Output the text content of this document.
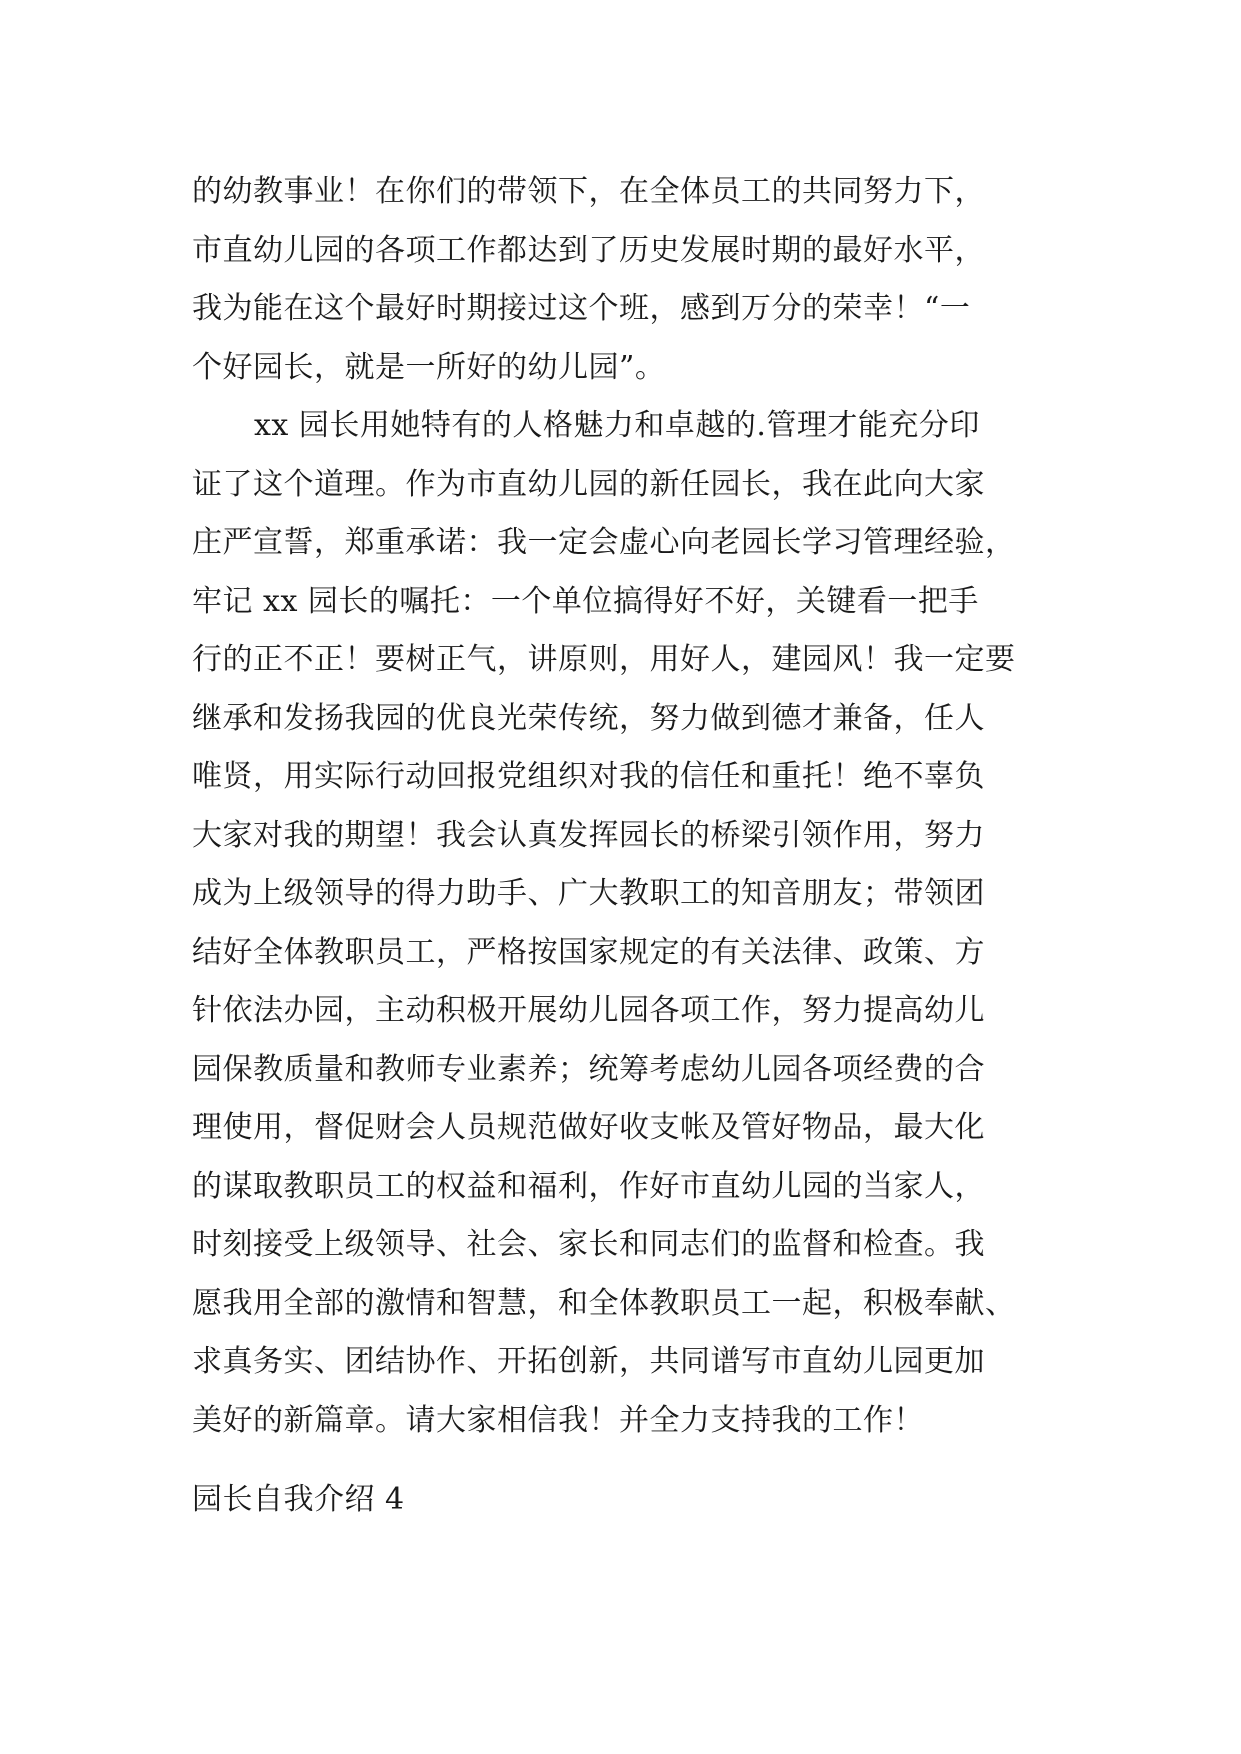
的幼教事业！在你们的带领下，在全体员工的共同努力下，
市直幼儿园的各项工作都达到了历史发展时期的最好水平，
我为能在这个最好时期接过这个班，感到万分的荣幸！“一
个好园长，就是一所好的幼儿园”。
xx 园长用她特有的人格魅力和卓越的.管理才能充分印
证了这个道理。作为市直幼儿园的新任园长，我在此向大家
庄严宣誓，郑重承诺：我一定会虚心向老园长学习管理经验，
牢记 xx 园长的嘱托：一个单位搞得好不好，关键看一把手
行的正不正！要树正气，讲原则，用好人，建园风！我一定要
继承和发扬我园的优良光荣传统，努力做到德才兼备，任人
唯贤，用实际行动回报党组织对我的信任和重托！绝不辜负
大家对我的期望！我会认真发挥园长的桥梁引领作用，努力
成为上级领导的得力助手、广大教职工的知音朋友；带领团
结好全体教职员工，严格按国家规定的有关法律、政策、方
针依法办园，主动积极开展幼儿园各项工作，努力提高幼儿
园保教质量和教师专业素养；统筹考虑幼儿园各项经费的合
理使用，督促财会人员规范做好收支帐及管好物品，最大化
的谋取教职员工的权益和福利，作好市直幼儿园的当家人，
时刻接受上级领导、社会、家长和同志们的监督和检查。我
愿我用全部的激情和智慧，和全体教职员工一起，积极奉献、
求真务实、团结协作、开拓创新，共同谱写市直幼儿园更加
美好的新篇章。请大家相信我！并全力支持我的工作！
园长自我介绍 4
